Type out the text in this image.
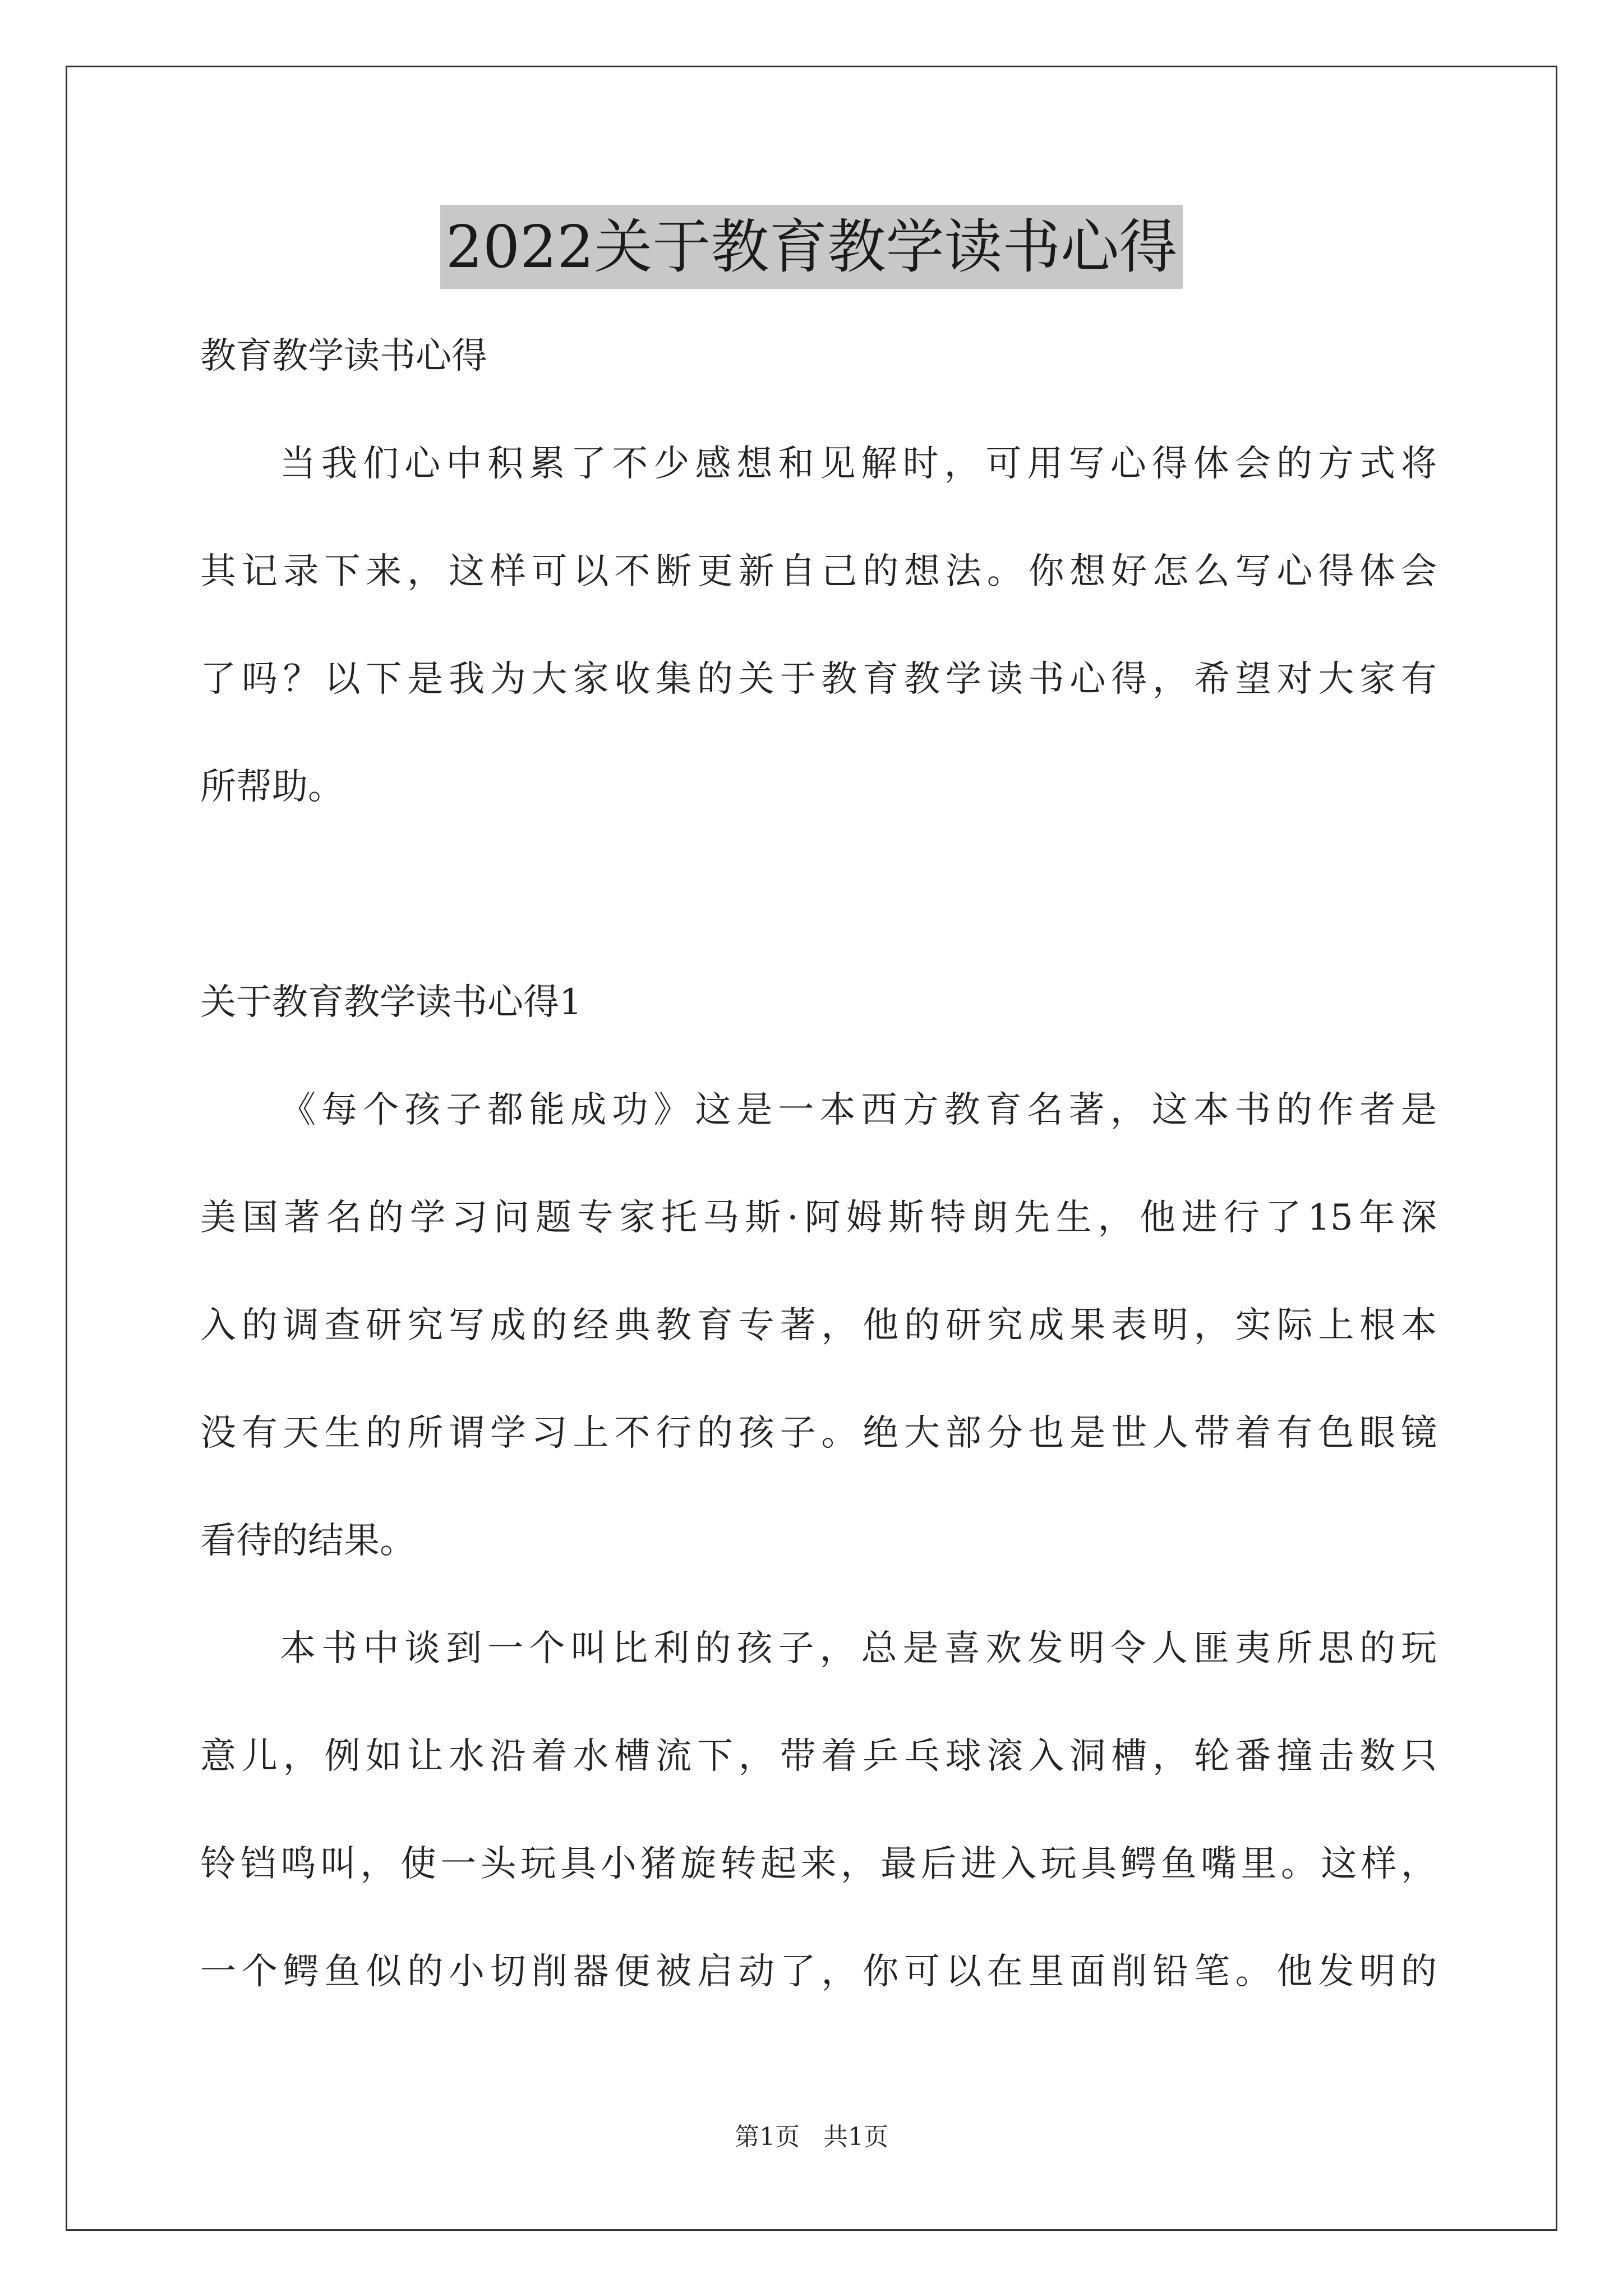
2022关于教育教学读书心得
教育教学读书心得
当我们心中积累了不少感想和见解时，可用写心得体会的方式将
其记录下来，这样可以不断更新自己的想法。你想好怎么写心得体会
了吗？以下是我为大家收集的关于教育教学读书心得，希望对大家有
所帮助。
关于教育教学读书心得1
《每个孩子都能成功》这是一本西方教育名著，这本书的作者是
美国著名的学习问题专家托马斯·阿姆斯特朗先生，他进行了15年深
入的调查研究写成的经典教育专著，他的研究成果表明，实际上根本
没有天生的所谓学习上不行的孩子。绝大部分也是世人带着有色眼镜
看待的结果。
本书中谈到一个叫比利的孩子，总是喜欢发明令人匪夷所思的玩
意儿，例如让水沿着水槽流下，带着乒乓球滚入洞槽，轮番撞击数只
铃铛鸣叫，使一头玩具小猪旋转起来，最后进入玩具鳄鱼嘴里。这样，
一个鳄鱼似的小切削器便被启动了，你可以在里面削铅笔。他发明的
第1页   共1页
